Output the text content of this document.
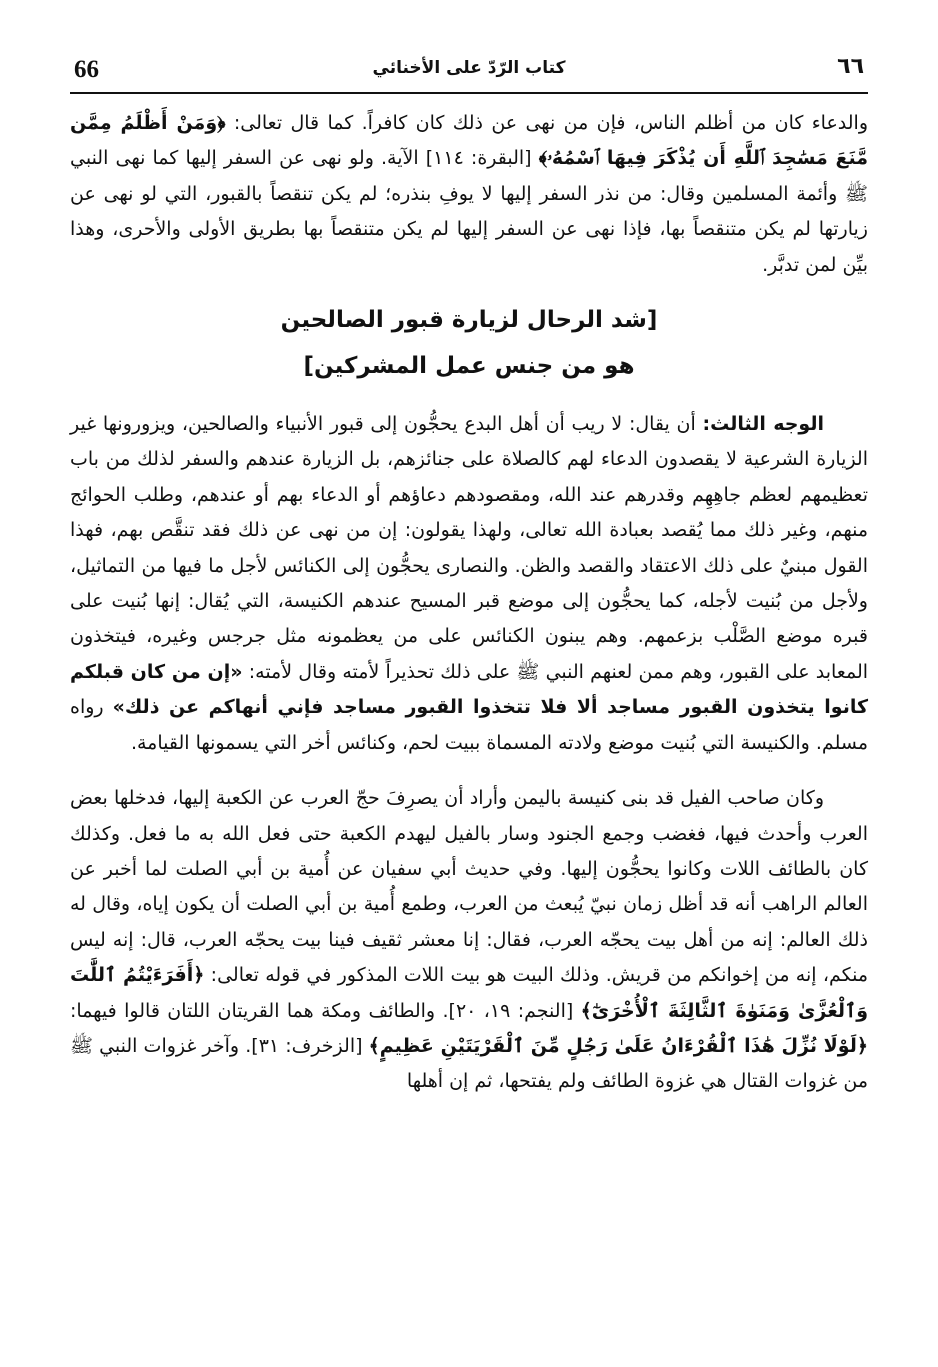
66	كتاب الرّدّ على الأخنائي	٦٦

والدعاء كان من أظلم الناس، فإن من نهى عن ذلك كان كافراً. كما قال تعالى: ﴿وَمَنْ أَظْلَمُ مِمَّن مَّنَعَ مَسَٰجِدَ ٱللَّهِ أَن يُذْكَرَ فِيهَا ٱسْمُهُۥ﴾ [البقرة: ١١٤] الآية. ولو نهى عن السفر إليها كما نهى النبي ﷺ وأئمة المسلمين وقال: من نذر السفر إليها لا يوفِ بنذره؛ لم يكن تنقصاً بالقبور، التي لو نهى عن زيارتها لم يكن متنقصاً بها، فإذا نهى عن السفر إليها لم يكن متنقصاً بها بطريق الأولى والأحرى، وهذا بيِّن لمن تدبَّر.

[شد الرحال لزيارة قبور الصالحين
هو من جنس عمل المشركين]

الوجه الثالث: أن يقال: لا ريب أن أهل البدع يحجُّون إلى قبور الأنبياء والصالحين، ويزورونها غير الزيارة الشرعية لا يقصدون الدعاء لهم كالصلاة على جنائزهم، بل الزيارة عندهم والسفر لذلك من باب تعظيمهم لعظم جاهِهِم وقدرهم عند الله، ومقصودهم دعاؤهم أو الدعاء بهم أو عندهم، وطلب الحوائج منهم، وغير ذلك مما يُقصد بعبادة الله تعالى، ولهذا يقولون: إن من نهى عن ذلك فقد تنقَّص بهم، فهذا القول مبنيٌ على ذلك الاعتقاد والقصد والظن. والنصارى يحجُّون إلى الكنائس لأجل ما فيها من التماثيل، ولأجل من بُنيت لأجله، كما يحجُّون إلى موضع قبر المسيح عندهم الكنيسة، التي يُقال: إنها بُنيت على قبره موضع الصَّلْب بزعمهم. وهم يبنون الكنائس على من يعظمونه مثل جرجس وغيره، فيتخذون المعابد على القبور، وهم ممن لعنهم النبي ﷺ على ذلك تحذيراً لأمته وقال لأمته: «إن من كان قبلكم كانوا يتخذون القبور مساجد ألا فلا تتخذوا القبور مساجد فإني أنهاكم عن ذلك» رواه مسلم. والكنيسة التي بُنيت موضع ولادته المسماة ببيت لحم، وكنائس أخر التي يسمونها القيامة.

وكان صاحب الفيل قد بنى كنيسة باليمن وأراد أن يصرِفَ حجّ العرب عن الكعبة إليها، فدخلها بعض العرب وأحدث فيها، فغضب وجمع الجنود وسار بالفيل ليهدم الكعبة حتى فعل الله به ما فعل. وكذلك كان بالطائف اللات وكانوا يحجُّون إليها. وفي حديث أبي سفيان عن أُمية بن أبي الصلت لما أخبر عن العالم الراهب أنه قد أظل زمان نبيّ يُبعث من العرب، وطمع أُمية بن أبي الصلت أن يكون إياه، وقال له ذلك العالم: إنه من أهل بيت يحجّه العرب، فقال: إنا معشر ثقيف فينا بيت يحجّه العرب، قال: إنه ليس منكم، إنه من إخوانكم من قريش. وذلك البيت هو بيت اللات المذكور في قوله تعالى: ﴿أَفَرَءَيْتُمُ ٱللَّٰتَ وَٱلْعُزَّىٰ وَمَنَوٰةَ ٱلثَّالِثَةَ ٱلْأُخْرَىٰٓ﴾ [النجم: ١٩، ٢٠]. والطائف ومكة هما القريتان اللتان قالوا فيهما: ﴿لَوْلَا نُزِّلَ هَٰذَا ٱلْقُرْءَانُ عَلَىٰ رَجُلٍ مِّنَ ٱلْقَرْيَتَيْنِ عَظِيمٍ﴾ [الزخرف: ٣١]. وآخر غزوات النبي ﷺ من غزوات القتال هي غزوة الطائف ولم يفتحها، ثم إن أهلها
